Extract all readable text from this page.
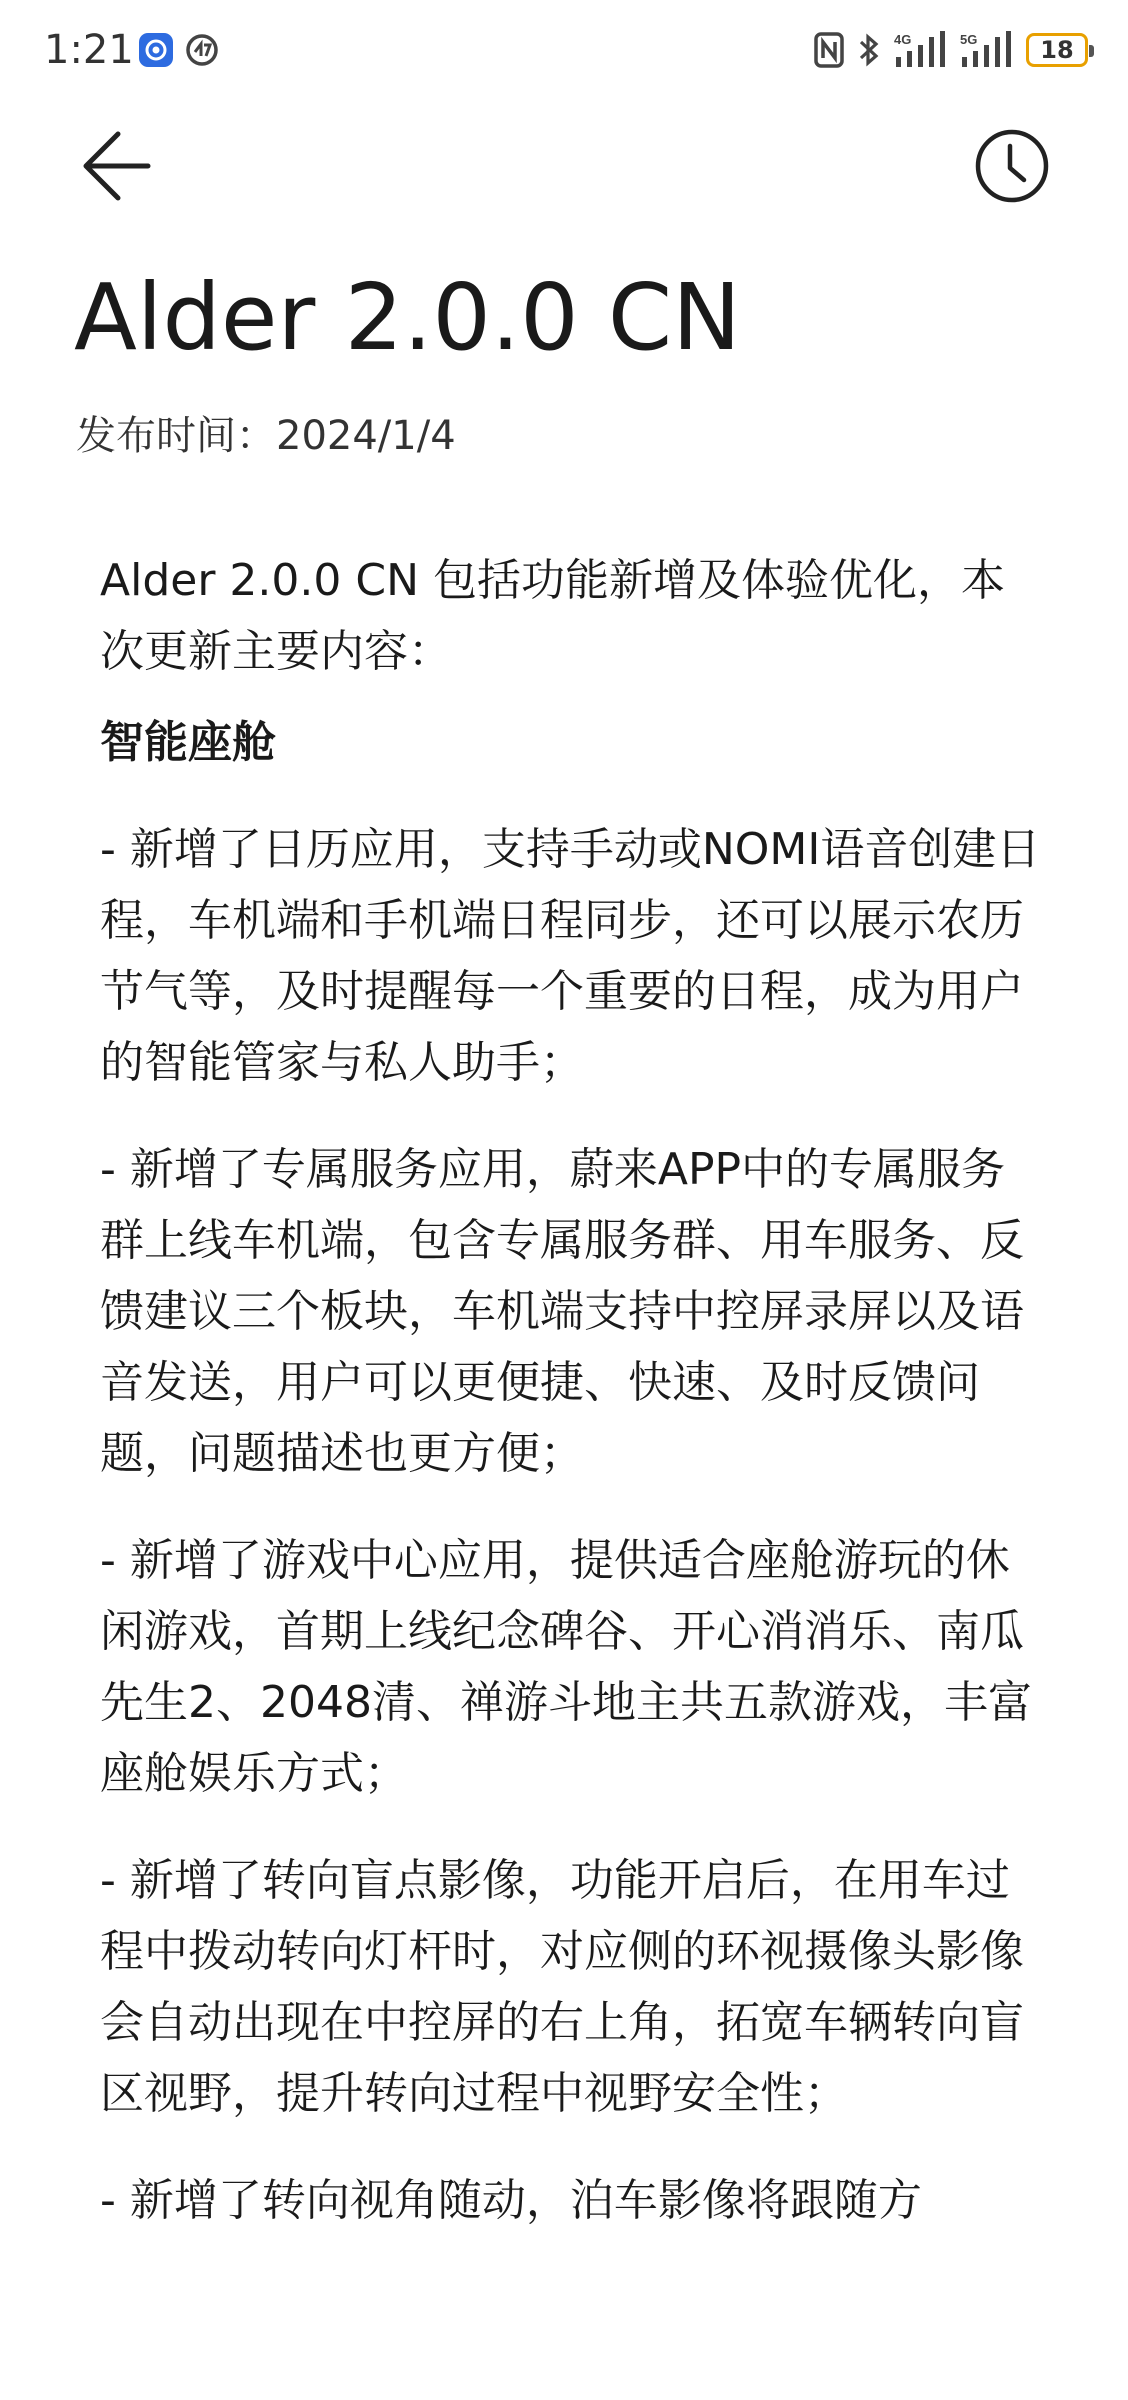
1:21	4G	5G	18
Alder 2.0.0 CN
发布时间：2024/1/4

Alder 2.0.0 CN 包括功能新增及体验优化，本次更新主要内容：

智能座舱

- 新增了日历应用，支持手动或NOMI语音创建日程，车机端和手机端日程同步，还可以展示农历节气等，及时提醒每一个重要的日程，成为用户的智能管家与私人助手；

- 新增了专属服务应用，蔚来APP中的专属服务群上线车机端，包含专属服务群、用车服务、反馈建议三个板块，车机端支持中控屏录屏以及语音发送，用户可以更便捷、快速、及时反馈问题，问题描述也更方便；

- 新增了游戏中心应用，提供适合座舱游玩的休闲游戏，首期上线纪念碑谷、开心消消乐、南瓜先生2、2048清、禅游斗地主共五款游戏，丰富座舱娱乐方式；

- 新增了转向盲点影像，功能开启后，在用车过程中拨动转向灯杆时，对应侧的环视摄像头影像会自动出现在中控屏的右上角，拓宽车辆转向盲区视野，提升转向过程中视野安全性；

- 新增了转向视角随动，泊车影像将跟随方
